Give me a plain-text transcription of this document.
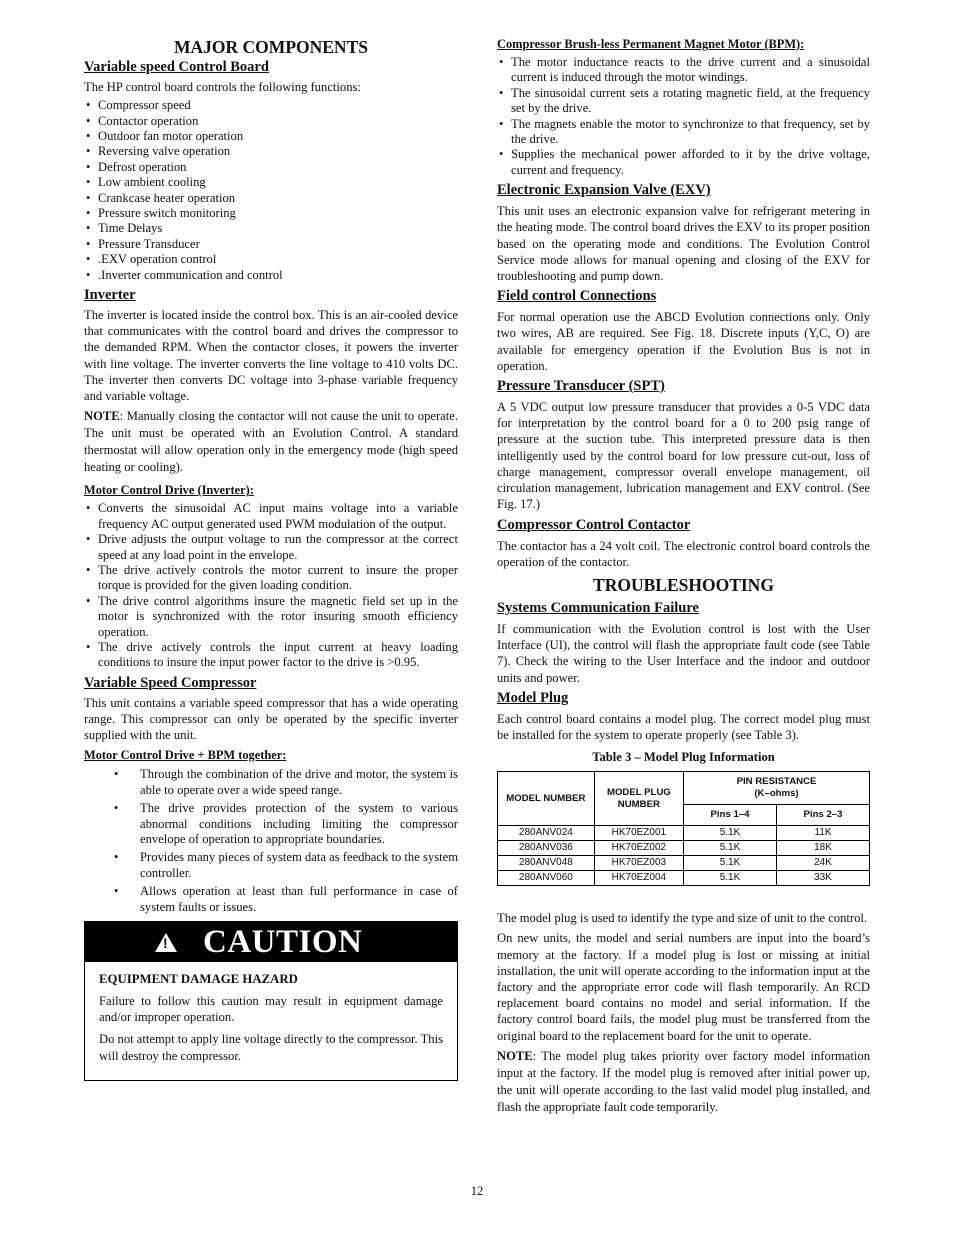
MAJOR COMPONENTS
Variable speed Control Board

The HP control board controls the following functions:

• Compressor speed
• Contactor operation
• Outdoor fan motor operation
• Reversing valve operation
• Defrost operation
• Low ambient cooling
• Crankcase heater operation
• Pressure switch monitoring
• Time Delays
• Pressure Transducer
• .EXV operation control
• .Inverter communication and control
Inverter

The inverter is located inside the control box. This is an air-cooled device that communicates with the control board and drives the compressor to the demanded RPM. When the contactor closes, it powers the inverter with line voltage. The inverter converts the line voltage to 410 volts DC. The inverter then converts DC voltage into 3-phase variable frequency and variable voltage.

NOTE: Manually closing the contactor will not cause the unit to operate. The unit must be operated with an Evolution Control. A standard thermostat will allow operation only in the emergency mode (high speed heating or cooling).

Motor Control Drive (Inverter):
• Converts the sinusoidal AC input mains voltage into a variable frequency AC output generated used PWM modulation of the output.
• Drive adjusts the output voltage to run the compressor at the correct speed at any load point in the envelope.
• The drive actively controls the motor current to insure the proper torque is provided for the given loading condition.
• The drive control algorithms insure the magnetic field set up in the motor is synchronized with the rotor insuring smooth efficiency operation.
• The drive actively controls the input current at heavy loading conditions to insure the input power factor to the drive is >0.95.
Variable Speed Compressor

This unit contains a variable speed compressor that has a wide operating range. This compressor can only be operated by the specific inverter supplied with the unit.

Motor Control Drive + BPM together:
• Through the combination of the drive and motor, the system is able to operate over a wide speed range.
• The drive provides protection of the system to various abnormal conditions including limiting the compressor envelope of operation to appropriate boundaries.
• Provides many pieces of system data as feedback to the system controller.
• Allows operation at least than full performance in case of system faults or issues.
! CAUTION
EQUIPMENT DAMAGE HAZARD

Failure to follow this caution may result in equipment damage and/or improper operation.

Do not attempt to apply line voltage directly to the compressor. This will destroy the compressor.

Compressor Brush-less Permanent Magnet Motor (BPM):
• The motor inductance reacts to the drive current and a sinusoidal current is induced through the motor windings.
• The sinusoidal current sets a rotating magnetic field, at the frequency set by the drive.
• The magnets enable the motor to synchronize to that frequency, set by the drive.
• Supplies the mechanical power afforded to it by the drive voltage, current and frequency.
Electronic Expansion Valve (EXV)

This unit uses an electronic expansion valve for refrigerant metering in the heating mode. The control board drives the EXV to its proper position based on the operating mode and conditions. The Evolution Control Service mode allows for manual opening and closing of the EXV for troubleshooting and pump down.

Field control Connections

For normal operation use the ABCD Evolution connections only. Only two wires, AB are required. See Fig. 18. Discrete inputs (Y,C, O) are available for emergency operation if the Evolution Bus is not in operation.

Pressure Transducer (SPT)

A 5 VDC output low pressure transducer that provides a 0-5 VDC data for interpretation by the control board for a 0 to 200 psig range of pressure at the suction tube. This interpreted pressure data is then intelligently used by the control board for low pressure cut-out, loss of charge management, compressor overall envelope management, oil circulation management, lubrication management and EXV control. (See Fig. 17.)

Compressor Control Contactor

The contactor has a 24 volt coil. The electronic control board controls the operation of the contactor.

TROUBLESHOOTING
Systems Communication Failure

If communication with the Evolution control is lost with the User Interface (UI), the control will flash the appropriate fault code (see Table 7). Check the wiring to the User Interface and the indoor and outdoor units and power.

Model Plug

Each control board contains a model plug. The correct model plug must be installed for the system to operate properly (see Table 3).

Table 3 – Model Plug Information
MODEL NUMBER	MODEL PLUG NUMBER	PIN RESISTANCE
(K–ohms)	
		Pins 1–4	Pins 2–3
280ANV024	HK70EZ001	5.1K	11K
280ANV036	HK70EZ002	5.1K	18K
280ANV048	HK70EZ003	5.1K	24K
280ANV060	HK70EZ004	5.1K	33K

The model plug is used to identify the type and size of unit to the control.

On new units, the model and serial numbers are input into the board’s memory at the factory. If a model plug is lost or missing at initial installation, the unit will operate according to the information input at the factory and the appropriate error code will flash temporarily. An RCD replacement board contains no model and serial information. If the factory control board fails, the model plug must be transferred from the original board to the replacement board for the unit to operate.

NOTE: The model plug takes priority over factory model information input at the factory. If the model plug is removed after initial power up, the unit will operate according to the last valid model plug installed, and flash the appropriate fault code temporarily.

12
